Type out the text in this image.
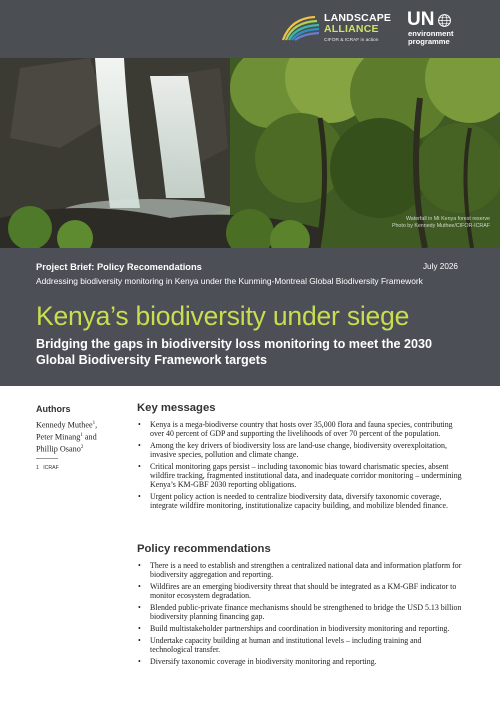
LANDSCAPE
ALLIANCE
CIFOR & ICRAF in action
UN
environment
programme
Waterfall in Mt Kenya forest reserve
Photo by Kennedy Muthee/CIFOR-ICRAF
Project Brief: Policy Recomendations	July 2026
Addressing biodiversity monitoring in Kenya under the Kunming-Montreal Global Biodiversity Framework
Kenya’s biodiversity under siege
Bridging the gaps in biodiversity loss monitoring to meet the 2030 Global Biodiversity Framework targets
Authors
Kennedy Muthee$^1$,
Peter Minang$^1$ and
Phillip Osano$^2$
1 ICRAF
Key messages
• Kenya is a mega-biodiverse country that hosts over 35,000 flora and fauna species, contributing over 40 percent of GDP and supporting the livelihoods of over 70 percent of the population.
• Among the key drivers of biodiversity loss are land-use change, biodiversity overexploitation, invasive species, pollution and climate change.
• Critical monitoring gaps persist – including taxonomic bias toward charismatic species, absent wildfire tracking, fragmented institutional data, and inadequate corridor monitoring – undermining Kenya’s KM-GBF 2030 reporting obligations.
• Urgent policy action is needed to centralize biodiversity data, diversify taxonomic coverage, integrate wildfire monitoring, institutionalize capacity building, and mobilize blended finance.
Policy recommendations
• There is a need to establish and strengthen a centralized national data and information platform for biodiversity aggregation and reporting.
• Wildfires are an emerging biodiversity threat that should be integrated as a KM-GBF indicator to monitor ecosystem degradation.
• Blended public-private finance mechanisms should be strengthened to bridge the USD 5.13 billion biodiversity planning financing gap.
• Build multistakeholder partnerships and coordination in biodiversity monitoring and reporting.
• Undertake capacity building at human and institutional levels – including training and technological transfer.
• Diversify taxonomic coverage in biodiversity monitoring and reporting.
